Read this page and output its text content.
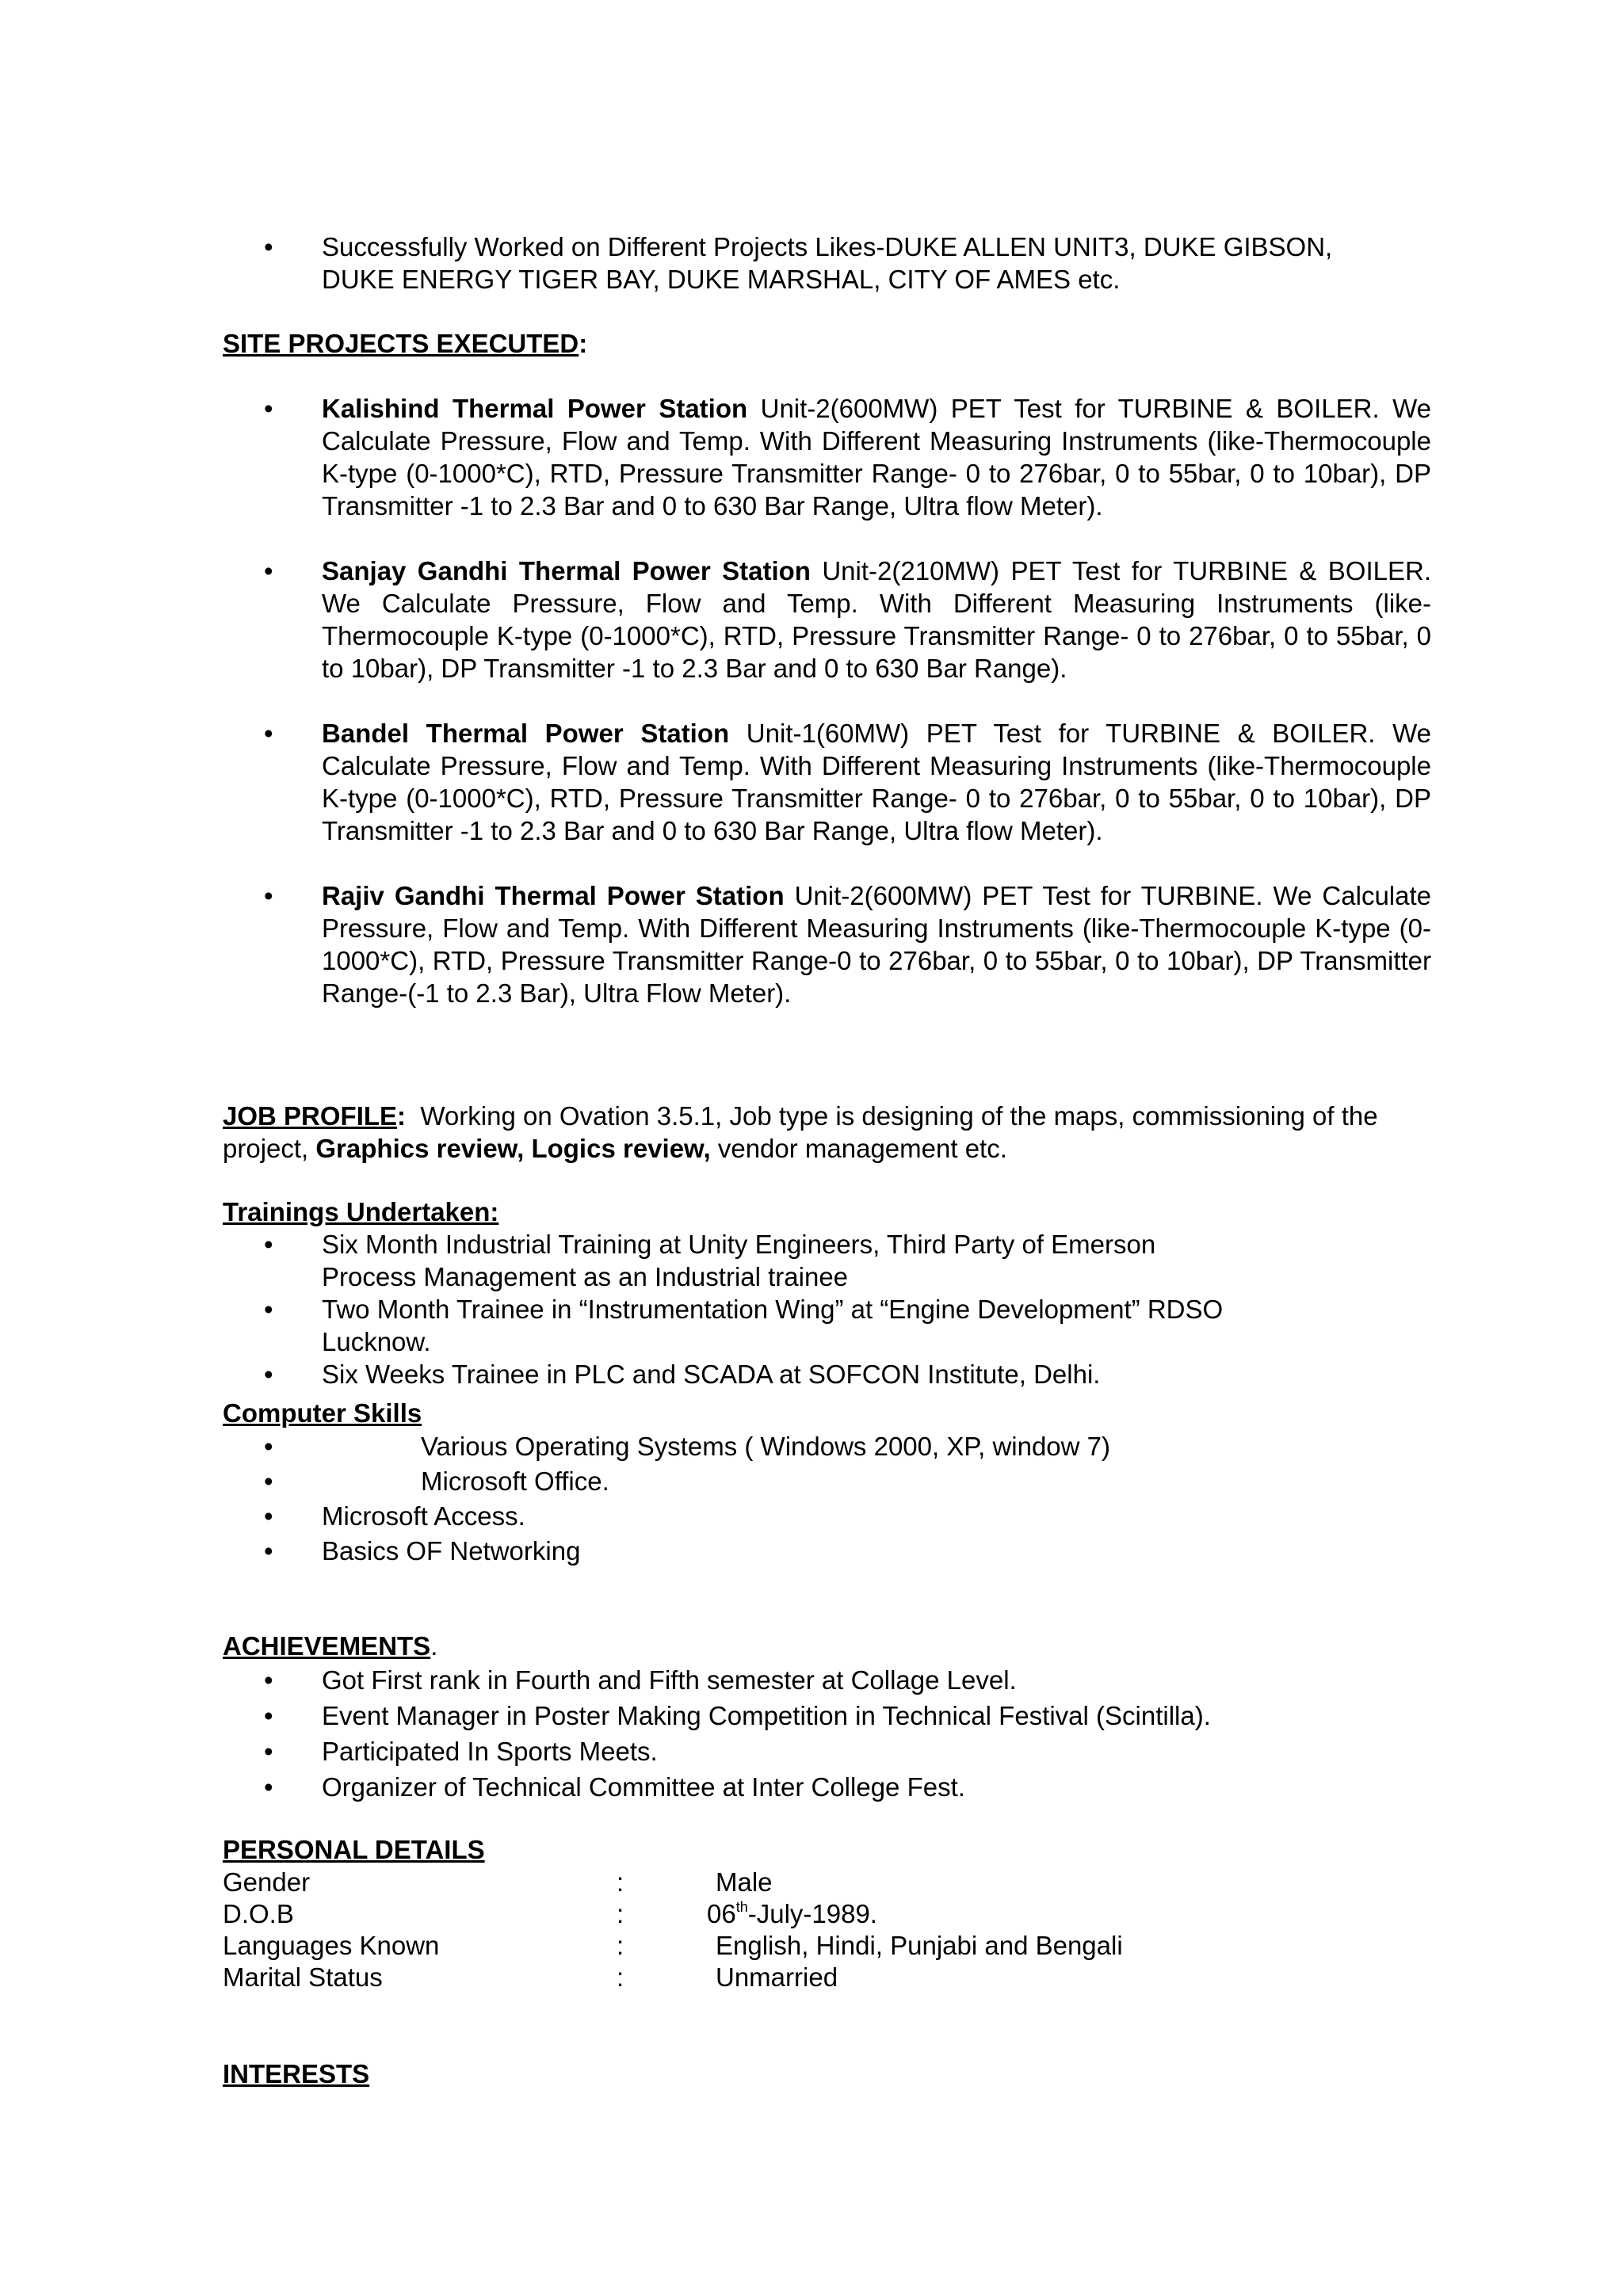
• Successfully Worked on Different Projects Likes-DUKE ALLEN UNIT3, DUKE GIBSON, DUKE ENERGY TIGER BAY, DUKE MARSHAL, CITY OF AMES etc.
SITE PROJECTS EXECUTED:
• Kalishind Thermal Power Station Unit-2(600MW) PET Test for TURBINE & BOILER. We Calculate Pressure, Flow and Temp. With Different Measuring Instruments (like-Thermocouple K-type (0-1000*C), RTD, Pressure Transmitter Range- 0 to 276bar, 0 to 55bar, 0 to 10bar), DP Transmitter -1 to 2.3 Bar and 0 to 630 Bar Range, Ultra flow Meter).
• Sanjay Gandhi Thermal Power Station Unit-2(210MW) PET Test for TURBINE & BOILER. We Calculate Pressure, Flow and Temp. With Different Measuring Instruments (like-Thermocouple K-type (0-1000*C), RTD, Pressure Transmitter Range- 0 to 276bar, 0 to 55bar, 0 to 10bar), DP Transmitter -1 to 2.3 Bar and 0 to 630 Bar Range).
• Bandel Thermal Power Station Unit-1(60MW) PET Test for TURBINE & BOILER. We Calculate Pressure, Flow and Temp. With Different Measuring Instruments (like-Thermocouple K-type (0-1000*C), RTD, Pressure Transmitter Range- 0 to 276bar, 0 to 55bar, 0 to 10bar), DP Transmitter -1 to 2.3 Bar and 0 to 630 Bar Range, Ultra flow Meter).
• Rajiv Gandhi Thermal Power Station Unit-2(600MW) PET Test for TURBINE. We Calculate Pressure, Flow and Temp. With Different Measuring Instruments (like-Thermocouple K-type (0-1000*C), RTD, Pressure Transmitter Range-0 to 276bar, 0 to 55bar, 0 to 10bar), DP Transmitter Range-(-1 to 2.3 Bar), Ultra Flow Meter).
JOB PROFILE:  Working on Ovation 3.5.1, Job type is designing of the maps, commissioning of the project, Graphics review, Logics review, vendor management etc.
Trainings Undertaken:
• Six Month Industrial Training at Unity Engineers, Third Party of Emerson Process Management as an Industrial trainee
• Two Month Trainee in “Instrumentation Wing” at “Engine Development” RDSO Lucknow.
• Six Weeks Trainee in PLC and SCADA at SOFCON Institute, Delhi.
Computer Skills
• Various Operating Systems ( Windows 2000, XP, window 7)
• Microsoft Office.
• Microsoft Access.
• Basics OF Networking
ACHIEVEMENTS.
• Got First rank in Fourth and Fifth semester at Collage Level.
• Event Manager in Poster Making Competition in Technical Festival (Scintilla).
• Participated In Sports Meets.
• Organizer of Technical Committee at Inter College Fest.
PERSONAL DETAILS
Gender	:	Male
D.O.B	:	06th-July-1989.
Languages Known	:	English, Hindi, Punjabi and Bengali
Marital Status	:	Unmarried
INTERESTS
